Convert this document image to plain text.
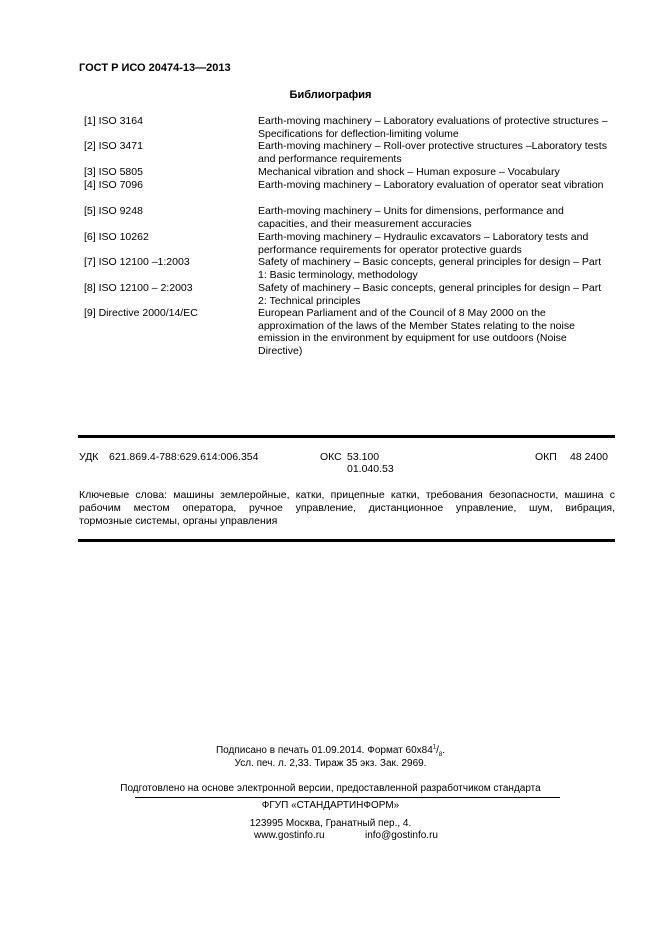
ГОСТ Р ИСО 20474-13—2013
Библиография
[1] ISO 3164	Earth-moving machinery – Laboratory evaluations of protective structures – Specifications for deflection-limiting volume
[2] ISO 3471	Earth-moving machinery – Roll-over protective structures –Laboratory tests and performance requirements
[3] ISO 5805	Mechanical vibration and shock – Human exposure – Vocabulary
[4] ISO 7096	Earth-moving machinery – Laboratory evaluation of operator seat vibration
[5] ISO 9248	Earth-moving machinery – Units for dimensions, performance and capacities, and their measurement accuracies
[6] ISO 10262	Earth-moving machinery – Hydraulic excavators – Laboratory tests and performance requirements for operator protective guards
[7] ISO 12100 –1:2003	Safety of machinery – Basic concepts, general principles for design – Part 1: Basic terminology, methodology
[8] ISO 12100 – 2:2003	Safety of machinery – Basic concepts, general principles for design – Part 2: Technical principles
[9] Directive 2000/14/EC	European Parliament and of the Council of 8 May 2000 on the approximation of the laws of the Member States relating to the noise emission in the environment by equipment for use outdoors (Noise Directive)
УДК 621.869.4-788:629.614:006.354	ОКС 53.100
01.040.53
ОКП 48 2400
Ключевые слова: машины землеройные, катки, прицепные катки, требования безопасности, машина с
рабочим местом оператора, ручное управление, дистанционное управление, шум, вибрация,
тормозные системы, органы управления
Подписано в печать 01.09.2014. Формат $60x84^1/_8$.
Усл. печ. л. 2,33. Тираж 35 экз. Зак. 2969.
Подготовлено на основе электронной версии, предоставленной разработчиком стандарта
ФГУП «СТАНДАРТИНФОРМ»
123995 Москва, Гранатный пер., 4.
www.gostinfo.ru	info@gostinfo.ru
